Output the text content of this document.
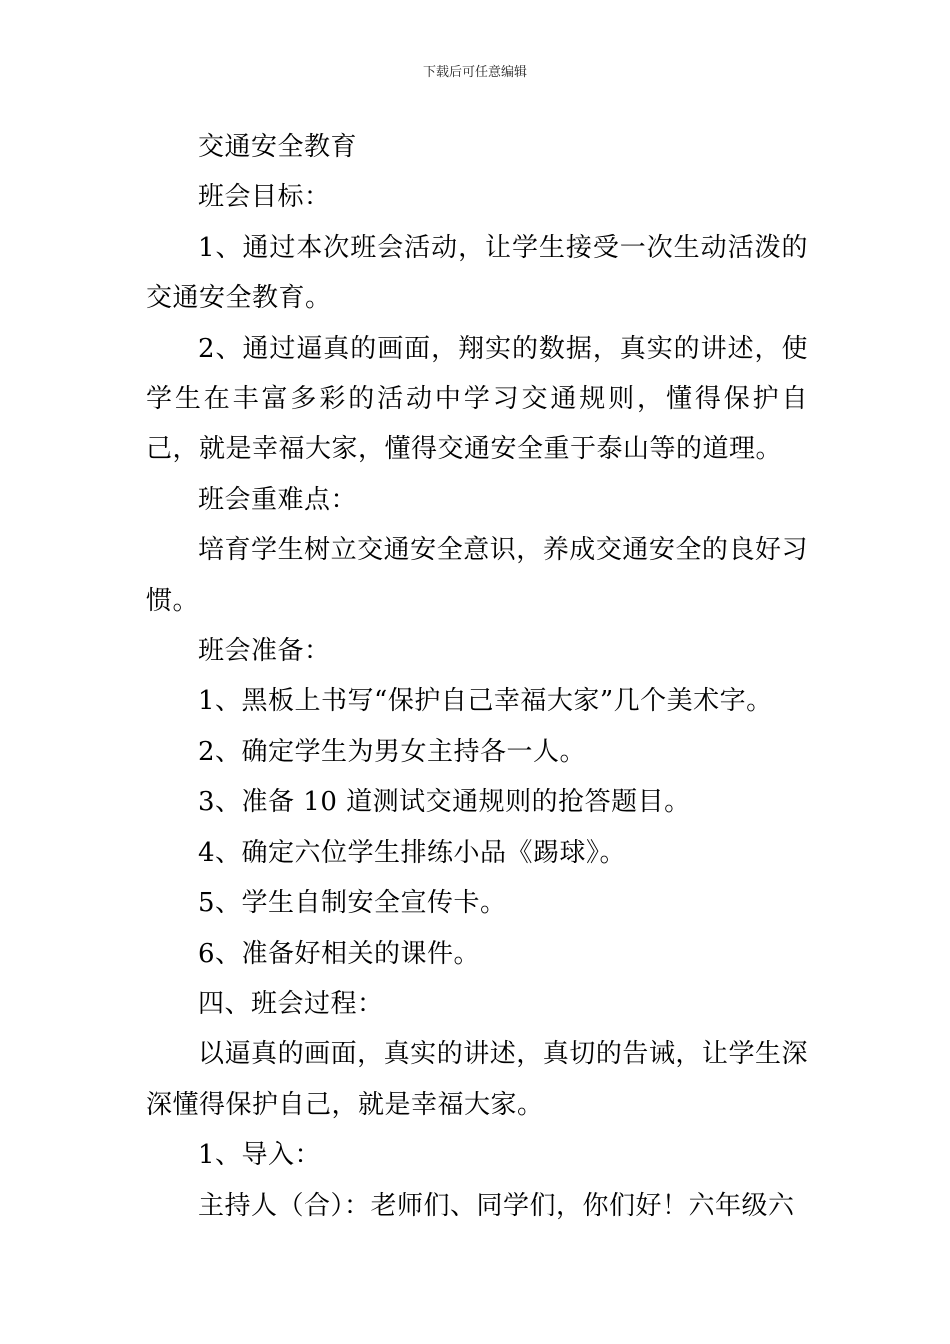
下载后可任意编辑

交通安全教育

班会目标：

1、通过本次班会活动，让学生接受一次生动活泼的交通安全教育。

2、通过逼真的画面，翔实的数据，真实的讲述，使学生在丰富多彩的活动中学习交通规则，懂得保护自己，就是幸福大家，懂得交通安全重于泰山等的道理。

班会重难点：

培育学生树立交通安全意识，养成交通安全的良好习惯。

班会准备：

1、黑板上书写“保护自己幸福大家”几个美术字。

2、确定学生为男女主持各一人。

3、准备 10 道测试交通规则的抢答题目。

4、确定六位学生排练小品《踢球》。

5、学生自制安全宣传卡。

6、准备好相关的课件。

四、班会过程：

以逼真的画面，真实的讲述，真切的告诫，让学生深深懂得保护自己，就是幸福大家。

1、导入：

主持人（合）：老师们、同学们，你们好！六年级六
